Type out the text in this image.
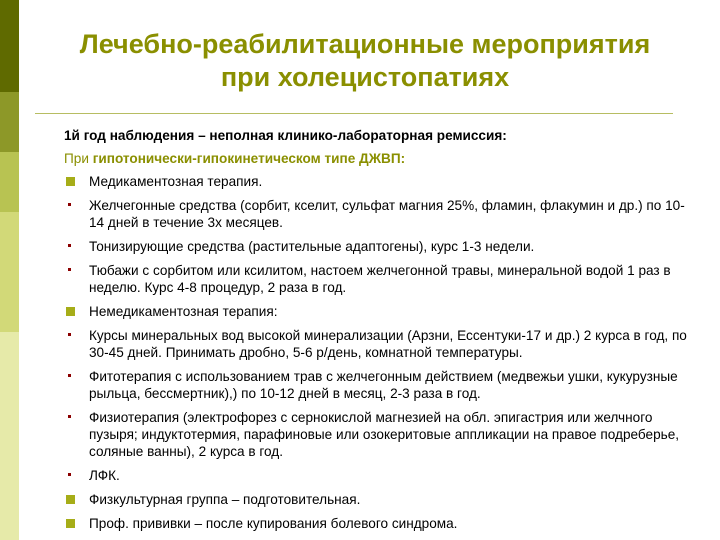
Лечебно-реабилитационные мероприятия
при холецистопатиях
1й год наблюдения – неполная клинико-лабораторная ремиссия:
При гипотонически-гипокинетическом типе ДЖВП:
Медикаментозная терапия.
Желчегонные средства (сорбит, кселит, сульфат магния 25%, фламин, флакумин и др.) по 10-14 дней в течение 3х месяцев.
Тонизирующие средства (растительные адаптогены), курс 1-3 недели.
Тюбажи с сорбитом или ксилитом, настоем желчегонной травы, минеральной водой 1 раз в неделю. Курс 4-8 процедур, 2 раза в год.
Немедикаментозная терапия:
Курсы минеральных вод высокой минерализации (Арзни, Ессентуки-17 и др.) 2 курса в год, по 30-45 дней. Принимать дробно, 5-6 р/день, комнатной температуры.
Фитотерапия с использованием трав с желчегонным действием (медвежьи ушки, кукурузные рыльца, бессмертник),) по 10-12 дней в месяц, 2-3 раза в год.
Физиотерапия (электрофорез с сернокислой магнезией на обл. эпигастрия или желчного пузыря; индуктотермия, парафиновые или озокеритовые аппликации на правое подреберье, соляные ванны), 2 курса в год.
ЛФК.
Физкультурная группа – подготовительная.
Проф. прививки – после купирования болевого синдрома.
